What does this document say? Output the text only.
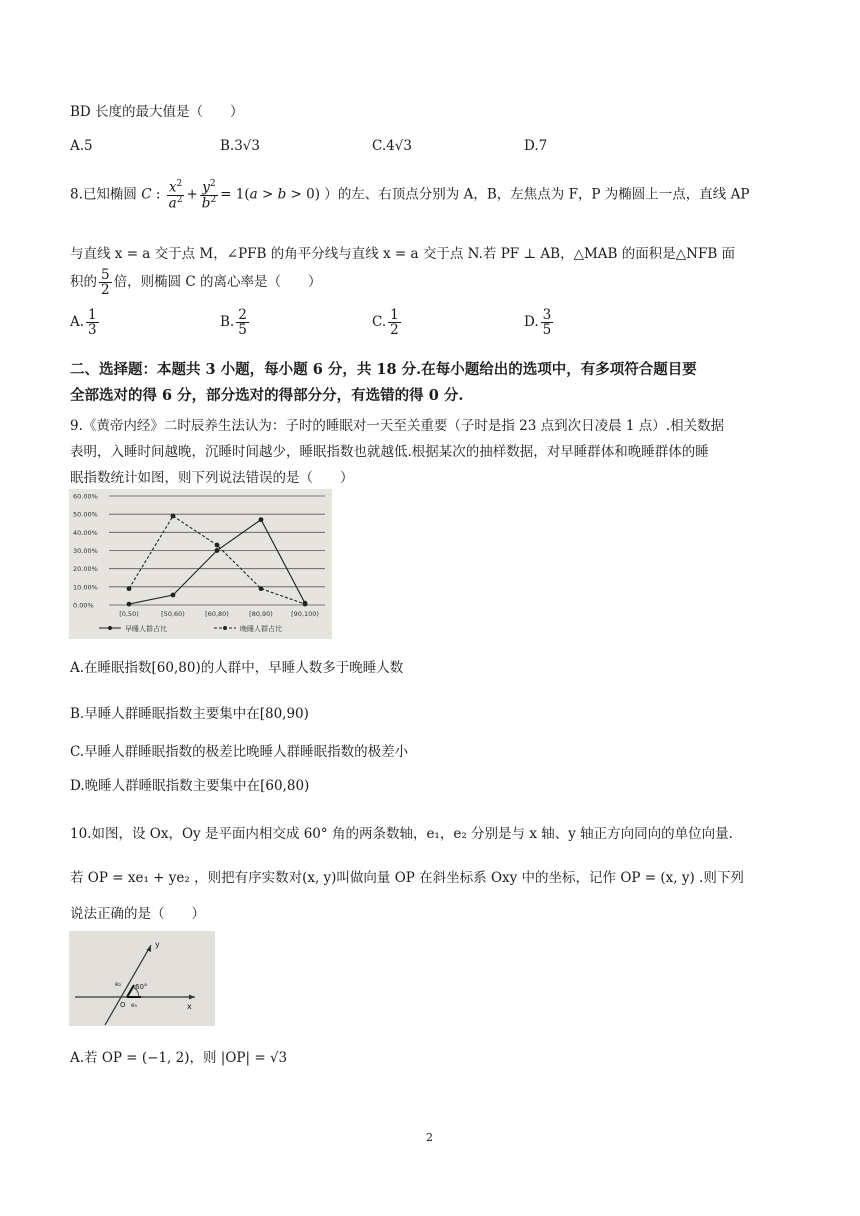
BD 长度的最大值是（　　）
A.5	B.3√3	C.4√3	D.7
8.已知椭圆 C : $\frac{x^2}{a^2} + \frac{y^2}{b^2} = 1(a > b > 0)$ ）的左、右顶点分别为 A，B，左焦点为 F，P 为椭圆上一点，直线 AP
与直线 x = a 交于点 M，∠PFB 的角平分线与直线 x = a 交于点 N.若 PF ⊥ AB，△MAB 的面积是△NFB 面
积的 $\frac{5}{2}$ 倍，则椭圆 C 的离心率是（　　）
A. $\frac{1}{3}$	B. $\frac{2}{5}$	C. $\frac{1}{2}$	D. $\frac{3}{5}$
二、选择题：本题共 3 小题，每小题 6 分，共 18 分.在每小题给出的选项中，有多项符合题目要
全部选对的得 6 分，部分选对的得部分分，有选错的得 0 分.
9.《黄帝内经》二时辰养生法认为：子时的睡眠对一天至关重要（子时是指 23 点到次日凌晨 1 点）.相关数据
表明，入睡时间越晚，沉睡时间越少，睡眠指数也就越低.根据某次的抽样数据，对早睡群体和晚睡群体的睡
眠指数统计如图，则下列说法错误的是（　　）
60.00%
50.00%
40.00%
30.00%
20.00%
10.00%
0.00%
[0,50)	[50,60)	[60,80)	[80,90)	[90,100)
早睡人群占比	晚睡人群占比
A.在睡眠指数[60,80)的人群中，早睡人数多于晚睡人数
B.早睡人群睡眠指数主要集中在[80,90)
C.早睡人群睡眠指数的极差比晚睡人群睡眠指数的极差小
D.晚睡人群睡眠指数主要集中在[60,80)
10.如图，设 Ox，Oy 是平面内相交成 60° 角的两条数轴，e₁，e₂ 分别是与 x 轴、y 轴正方向同向的单位向量.
若 OP = xe₁ + ye₂ ，则把有序实数对(x, y)叫做向量 OP 在斜坐标系 Oxy 中的坐标，记作 OP = (x, y) .则下列
说法正确的是（　　）
y
x
O
60°
e₁
e₂
A.若 OP = (−1, 2)，则 |OP| = √3
2
